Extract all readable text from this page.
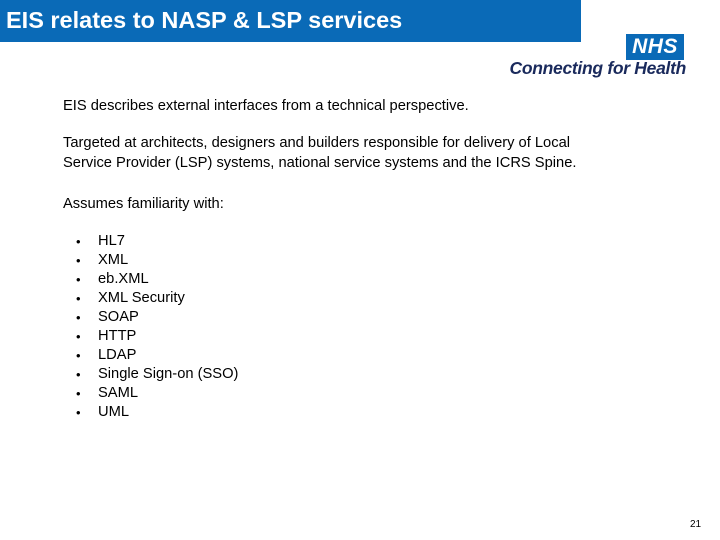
EIS relates to NASP & LSP services
NHS
Connecting for Health

EIS describes external interfaces from a technical perspective.

Targeted at architects, designers and builders responsible for delivery of Local
Service Provider (LSP) systems, national service systems and the ICRS Spine.

Assumes familiarity with:

• HL7
• XML
• eb.XML
• XML Security
• SOAP
• HTTP
• LDAP
• Single Sign-on (SSO)
• SAML
• UML
21
